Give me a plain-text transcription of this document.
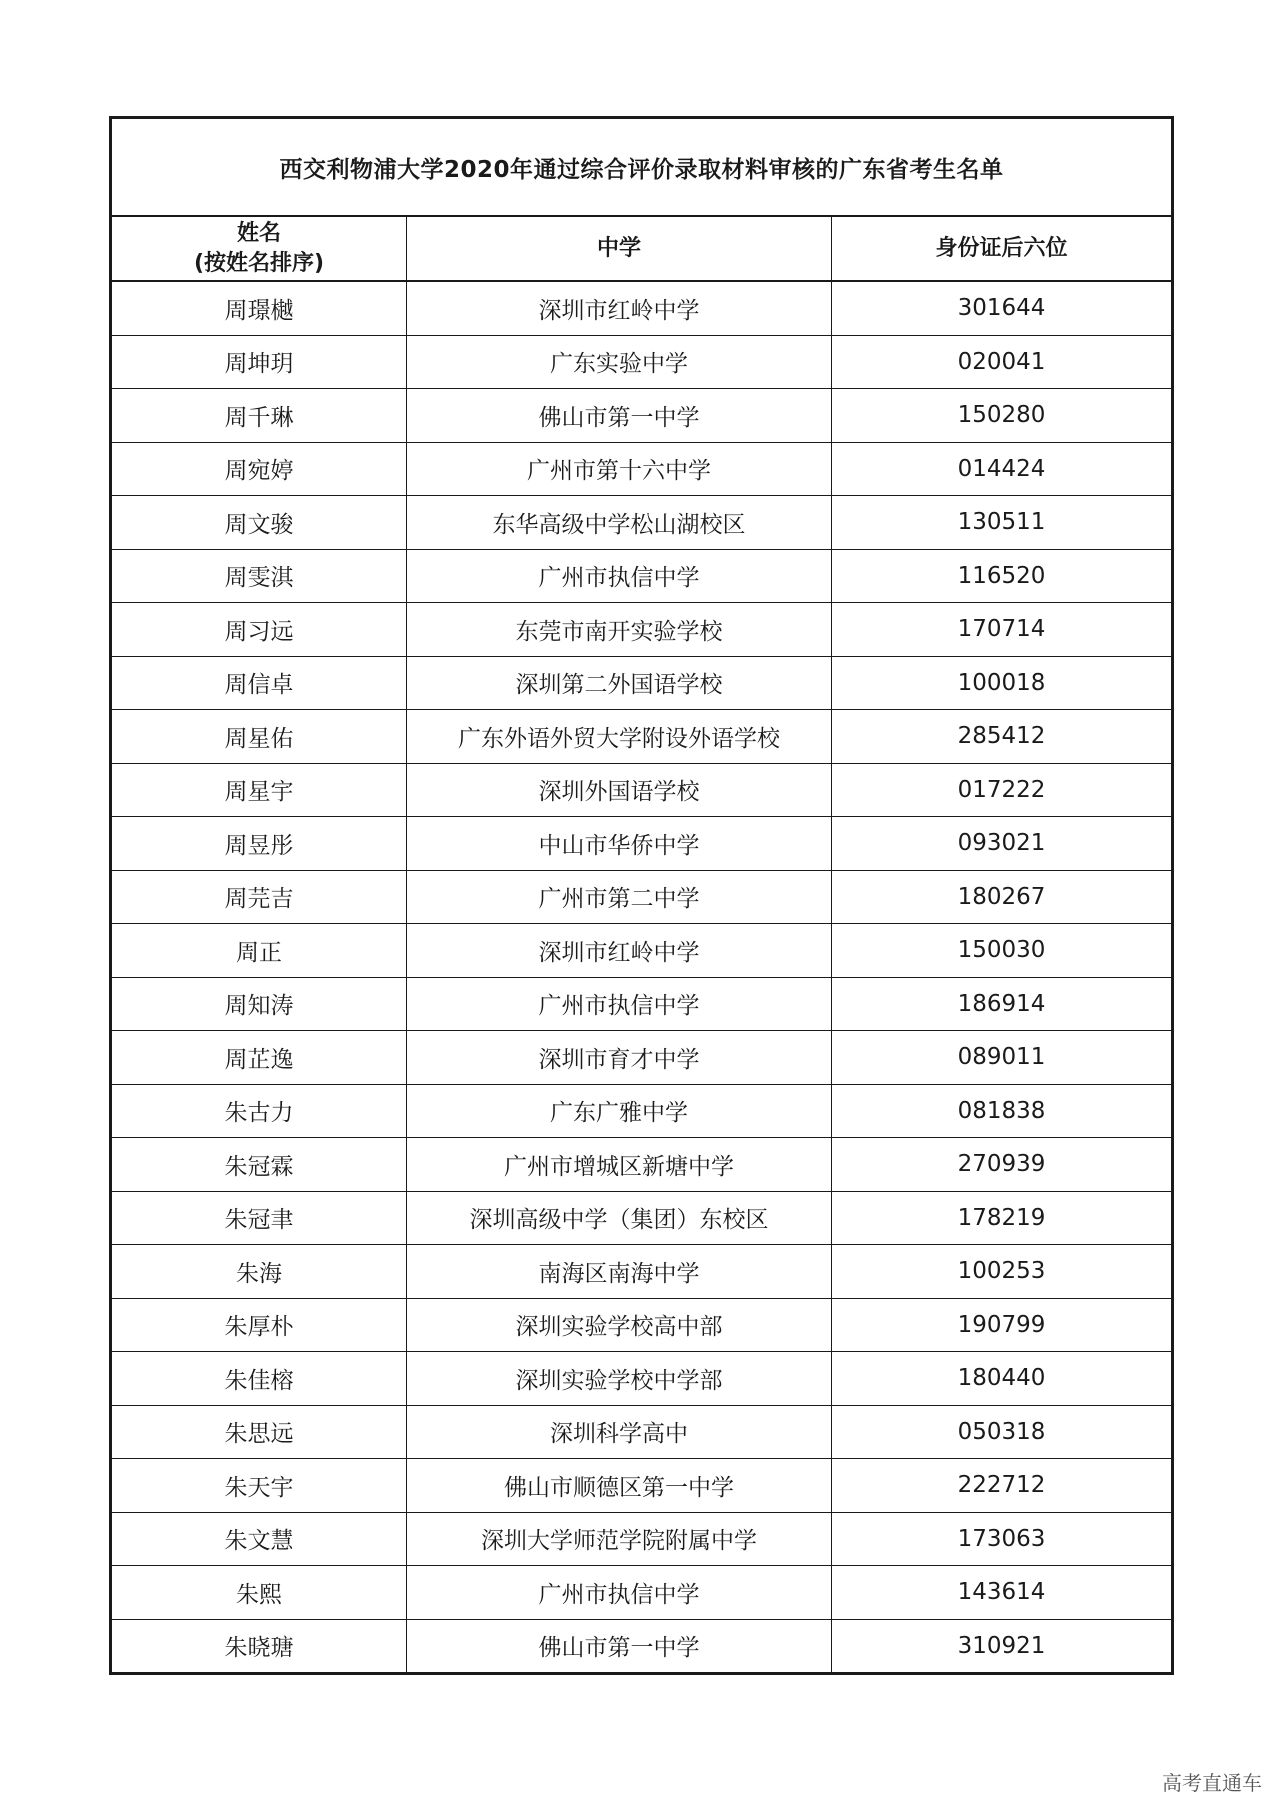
西交利物浦大学2020年通过综合评价录取材料审核的广东省考生名单		

姓名
(按姓名排序)	中学	身份证后六位
周璟樾	深圳市红岭中学	301644
周坤玥	广东实验中学	020041
周千琳	佛山市第一中学	150280
周宛婷	广州市第十六中学	014424
周文骏	东华高级中学松山湖校区	130511
周雯淇	广州市执信中学	116520
周习远	东莞市南开实验学校	170714
周信卓	深圳第二外国语学校	100018
周星佑	广东外语外贸大学附设外语学校	285412
周星宇	深圳外国语学校	017222
周昱彤	中山市华侨中学	093021
周芫吉	广州市第二中学	180267
周正	深圳市红岭中学	150030
周知涛	广州市执信中学	186914
周芷逸	深圳市育才中学	089011
朱古力	广东广雅中学	081838
朱冠霖	广州市增城区新塘中学	270939
朱冠聿	深圳高级中学（集团）东校区	178219
朱海	南海区南海中学	100253
朱厚朴	深圳实验学校高中部	190799
朱佳榕	深圳实验学校中学部	180440
朱思远	深圳科学高中	050318
朱天宇	佛山市顺德区第一中学	222712
朱文慧	深圳大学师范学院附属中学	173063
朱熙	广州市执信中学	143614
朱晓瑭	佛山市第一中学	310921
高考直通车
